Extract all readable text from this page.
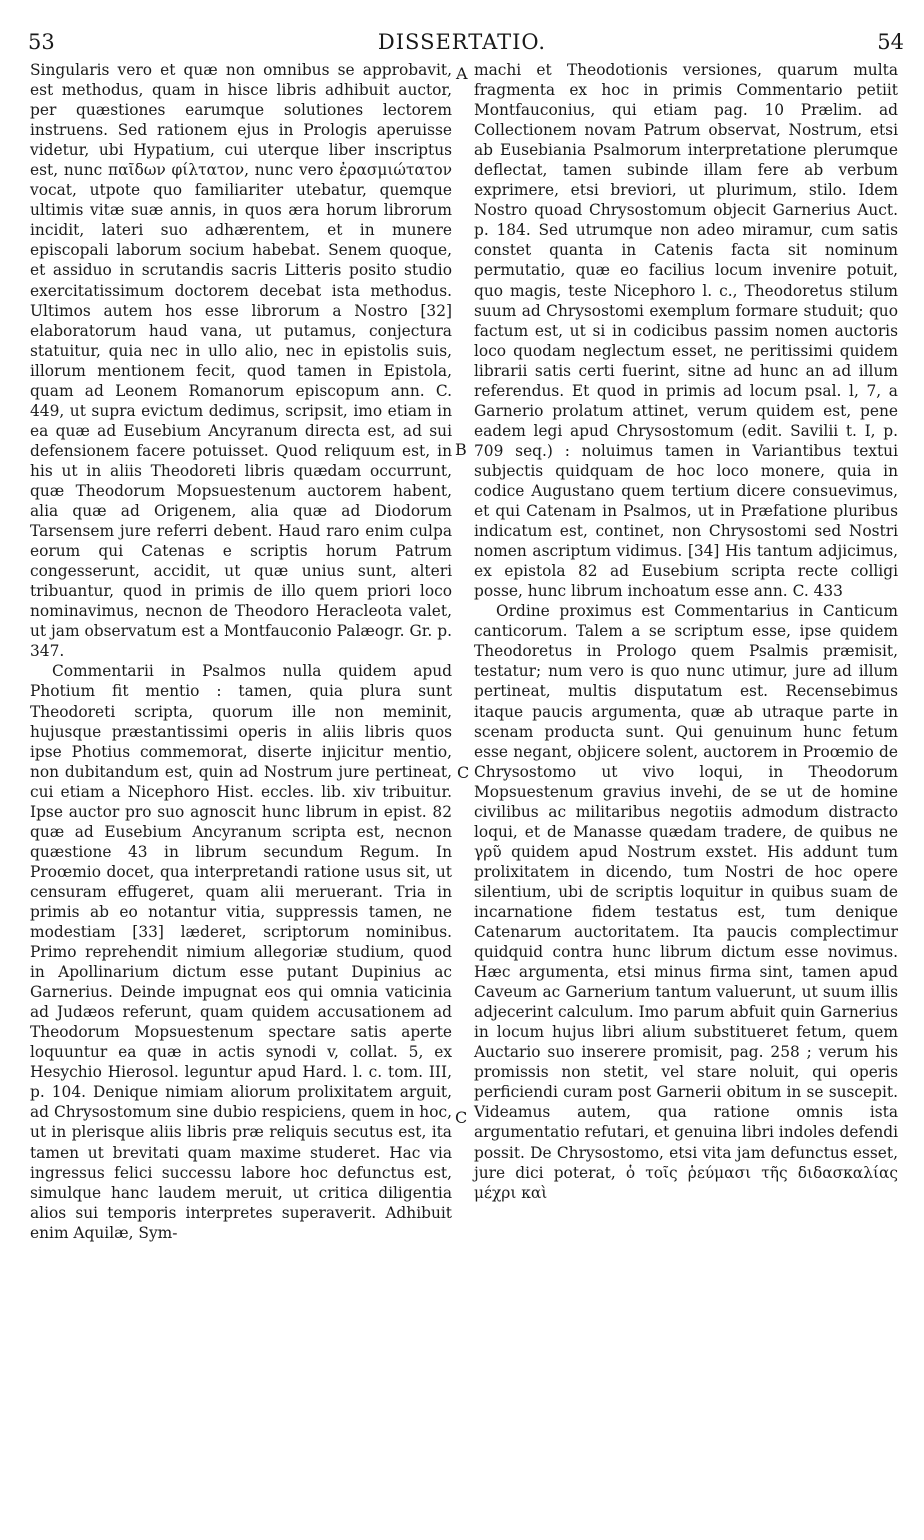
53	DISSERTATIO.	54

Singularis vero et quæ non omnibus se approbavit, est methodus, quam in hisce libris adhibuit auctor, per quæstiones earumque solutiones lectorem instruens. Sed rationem ejus in Prologis aperuisse videtur, ubi Hypatium, cui uterque liber inscriptus est, nunc παῖδων φίλτατον, nunc vero ἐρασμιώτατον vocat, utpote quo familiariter utebatur, quemque ultimis vitæ suæ annis, in quos æra horum librorum incidit, lateri suo adhærentem, et in munere episcopali laborum socium habebat. Senem quoque, et assiduo in scrutandis sacris Litteris posito studio exercitatissimum doctorem decebat ista methodus. Ultimos autem hos esse librorum a Nostro [32] elaboratorum haud vana, ut putamus, conjectura statuitur, quia nec in ullo alio, nec in epistolis suis, illorum mentionem fecit, quod tamen in Epistola, quam ad Leonem Romanorum episcopum ann. C. 449, ut supra evictum dedimus, scripsit, imo etiam in ea quæ ad Eusebium Ancyranum directa est, ad sui defensionem facere potuisset. Quod reliquum est, in his ut in aliis Theodoreti libris quædam occurrunt, quæ Theodorum Mopsuestenum auctorem habent, alia quæ ad Origenem, alia quæ ad Diodorum Tarsensem jure referri debent. Haud raro enim culpa eorum qui Catenas e scriptis horum Patrum congesserunt, accidit, ut quæ unius sunt, alteri tribuantur, quod in primis de illo quem priori loco nominavimus, necnon de Theodoro Heracleota valet, ut jam observatum est a Montfauconio Palæogr. Gr. p. 347.

Commentarii in Psalmos nulla quidem apud Photium fit mentio : tamen, quia plura sunt Theodoreti scripta, quorum ille non meminit, hujusque præstantissimi operis in aliis libris quos ipse Photius commemorat, diserte injicitur mentio, non dubitandum est, quin ad Nostrum jure pertineat, cui etiam a Nicephoro Hist. eccles. lib. xiv tribuitur. Ipse auctor pro suo agnoscit hunc librum in epist. 82 quæ ad Eusebium Ancyranum scripta est, necnon quæstione 43 in librum secundum Regum. In Proœmio docet, qua interpretandi ratione usus sit, ut censuram effugeret, quam alii meruerant. Tria in primis ab eo notantur vitia, suppressis tamen, ne modestiam [33] læderet, scriptorum nominibus. Primo reprehendit nimium allegoriæ studium, quod in Apollinarium dictum esse putant Dupinius ac Garnerius. Deinde impugnat eos qui omnia vaticinia ad Judæos referunt, quam quidem accusationem ad Theodorum Mopsuestenum spectare satis aperte loquuntur ea quæ in actis synodi v, collat. 5, ex Hesychio Hierosol. leguntur apud Hard. l. c. tom. III, p. 104. Denique nimiam aliorum prolixitatem arguit, ad Chrysostomum sine dubio respiciens, quem in hoc, ut in plerisque aliis libris præ reliquis secutus est, ita tamen ut brevitati quam maxime studeret. Hac via ingressus felici successu labore hoc defunctus est, simulque hanc laudem meruit, ut critica diligentia alios sui temporis interpretes superaverit. Adhibuit enim Aquilæ, Sym-

machi et Theodotionis versiones, quarum multa fragmenta ex hoc in primis Commentario petiit Montfauconius, qui etiam pag. 10 Prælim. ad Collectionem novam Patrum observat, Nostrum, etsi ab Eusebiania Psalmorum interpretatione plerumque deflectat, tamen subinde illam fere ab verbum exprimere, etsi breviori, ut plurimum, stilo. Idem Nostro quoad Chrysostomum objecit Garnerius Auct. p. 184. Sed utrumque non adeo miramur, cum satis constet quanta in Catenis facta sit nominum permutatio, quæ eo facilius locum invenire potuit, quo magis, teste Nicephoro l. c., Theodoretus stilum suum ad Chrysostomi exemplum formare studuit; quo factum est, ut si in codicibus passim nomen auctoris loco quodam neglectum esset, ne peritissimi quidem librarii satis certi fuerint, sitne ad hunc an ad illum referendus. Et quod in primis ad locum psal. l, 7, a Garnerio prolatum attinet, verum quidem est, pene eadem legi apud Chrysostomum (edit. Savilii t. I, p. 709 seq.) : noluimus tamen in Variantibus textui subjectis quidquam de hoc loco monere, quia in codice Augustano quem tertium dicere consuevimus, et qui Catenam in Psalmos, ut in Præfatione pluribus indicatum est, continet, non Chrysostomi sed Nostri nomen ascriptum vidimus. [34] His tantum adjicimus, ex epistola 82 ad Eusebium scripta recte colligi posse, hunc librum inchoatum esse ann. C. 433

Ordine proximus est Commentarius in Canticum canticorum. Talem a se scriptum esse, ipse quidem Theodoretus in Prologo quem Psalmis præmisit, testatur; num vero is quo nunc utimur, jure ad illum pertineat, multis disputatum est. Recensebimus itaque paucis argumenta, quæ ab utraque parte in scenam producta sunt. Qui genuinum hunc fetum esse negant, objicere solent, auctorem in Proœmio de Chrysostomo ut vivo loqui, in Theodorum Mopsuestenum gravius invehi, de se ut de homine civilibus ac militaribus negotiis admodum distracto loqui, et de Manasse quædam tradere, de quibus ne γρῦ quidem apud Nostrum exstet. His addunt tum prolixitatem in dicendo, tum Nostri de hoc opere silentium, ubi de scriptis loquitur in quibus suam de incarnatione fidem testatus est, tum denique Catenarum auctoritatem. Ita paucis complectimur quidquid contra hunc librum dictum esse novimus. Hæc argumenta, etsi minus firma sint, tamen apud Caveum ac Garnerium tantum valuerunt, ut suum illis adjecerint calculum. Imo parum abfuit quin Garnerius in locum hujus libri alium substitueret fetum, quem Auctario suo inserere promisit, pag. 258 ; verum his promissis non stetit, vel stare noluit, qui operis perficiendi curam post Garnerii obitum in se suscepit. Videamus autem, qua ratione omnis ista argumentatio refutari, et genuina libri indoles defendi possit. De Chrysostomo, etsi vita jam defunctus esset, jure dici poterat, ὁ τοῖς ῥεύμασι τῆς διδασκαλίας μέχρι καὶ

A
B
C
C
